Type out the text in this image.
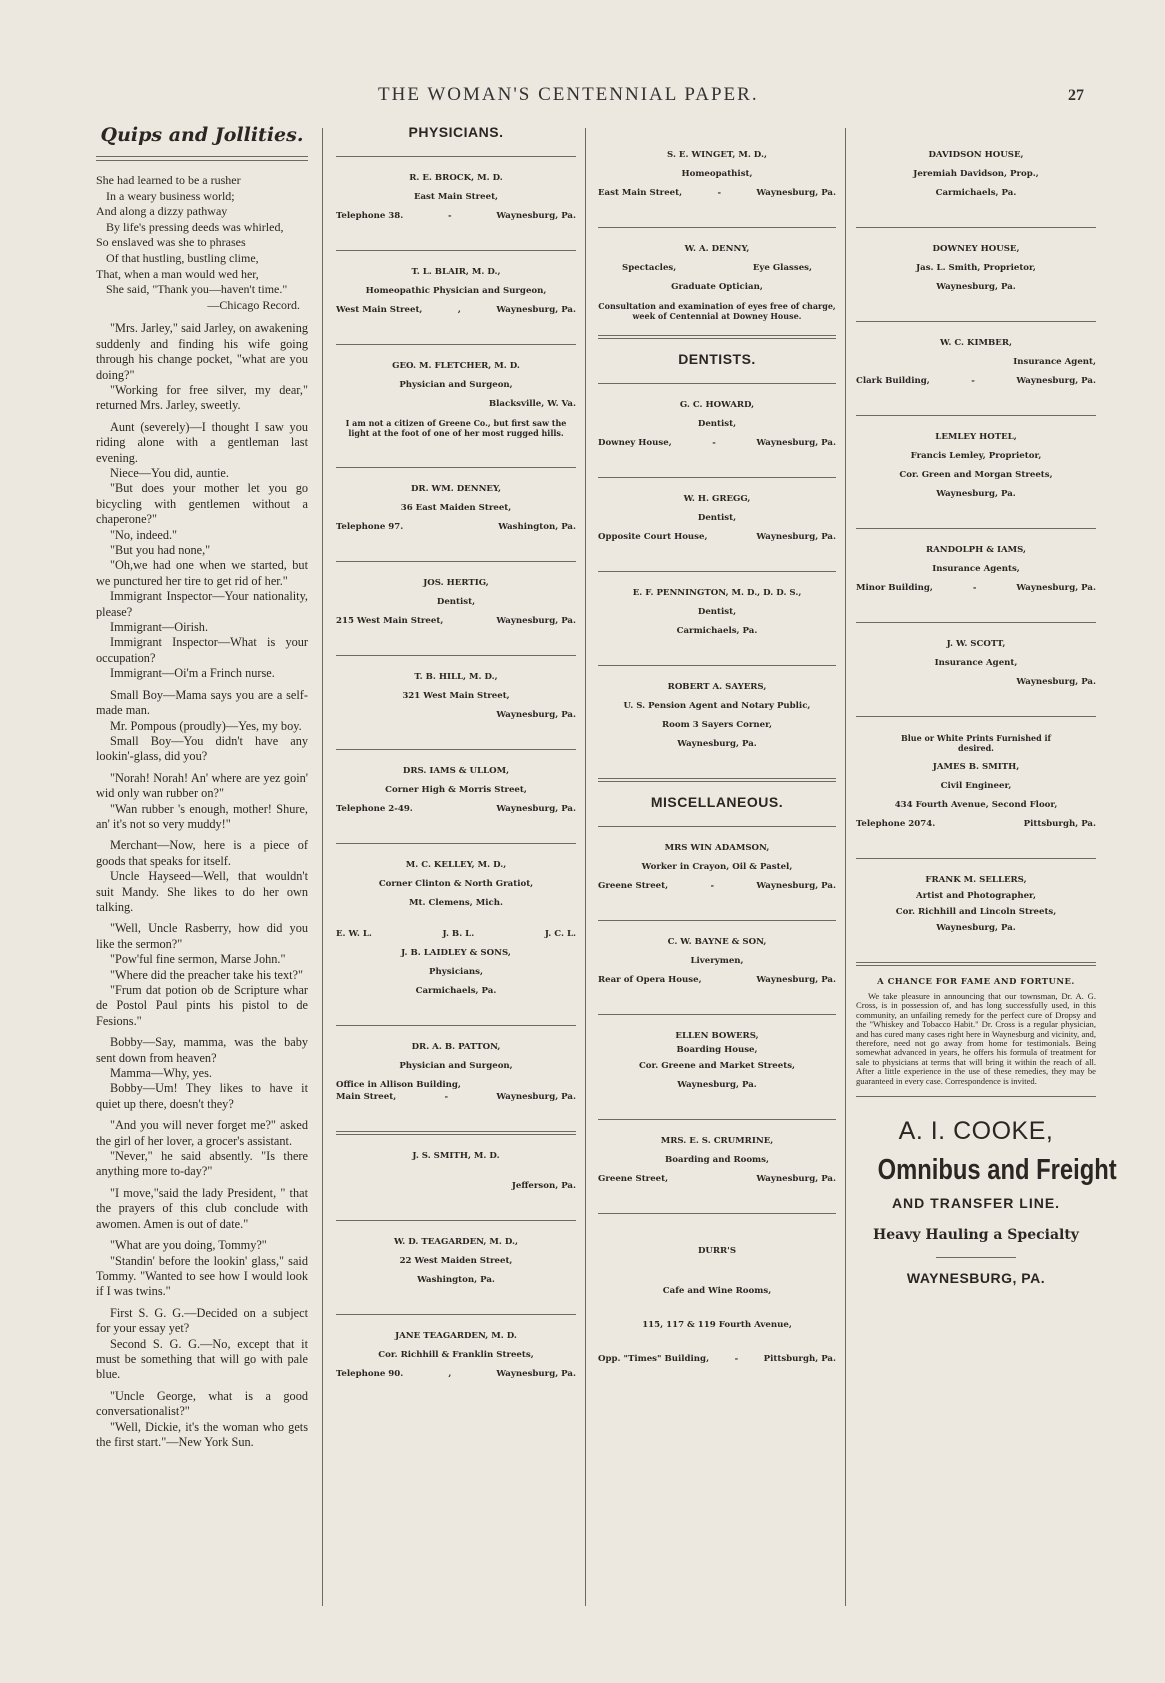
THE WOMAN'S CENTENNIAL PAPER.	27
Quips and Jollities.
She had learned to be a rusher
In a weary business world;
And along a dizzy pathway
By life's pressing deeds was whirled,
So enslaved was she to phrases
Of that hustling, bustling clime,
That, when a man would wed her,
She said, "Thank you—haven't time."
—Chicago Record.
"Mrs. Jarley," said Jarley, on awakening suddenly and finding his wife going through his change pocket, "what are you doing?"
"Working for free silver, my dear," returned Mrs. Jarley, sweetly.
Aunt (severely)—I thought I saw you riding alone with a gentleman last evening.
Niece—You did, auntie.
"But does your mother let you go bicycling with gentlemen without a chaperone?"
"No, indeed."
"But you had none,"
"Oh,we had one when we started, but we punctured her tire to get rid of her."
Immigrant Inspector—Your nationality, please?
Immigrant—Oirish.
Immigrant Inspector—What is your occupation?
Immigrant—Oi'm a Frinch nurse.
Small Boy—Mama says you are a self-made man.
Mr. Pompous (proudly)—Yes, my boy.
Small Boy—You didn't have any lookin'-glass, did you?
"Norah! Norah! An' where are yez goin' wid only wan rubber on?"
"Wan rubber 's enough, mother! Shure, an' it's not so very muddy!"
Merchant—Now, here is a piece of goods that speaks for itself.
Uncle Hayseed—Well, that wouldn't suit Mandy. She likes to do her own talking.
"Well, Uncle Rasberry, how did you like the sermon?"
"Pow'ful fine sermon, Marse John."
"Where did the preacher take his text?"
"Frum dat potion ob de Scripture whar de Postol Paul pints his pistol to de Fesions."
Bobby—Say, mamma, was the baby sent down from heaven?
Mamma—Why, yes.
Bobby—Um! They likes to have it quiet up there, doesn't they?
"And you will never forget me?" asked the girl of her lover, a grocer's assistant.
"Never," he said absently. "Is there anything more to-day?"
"I move,"said the lady President, " that the prayers of this club conclude with awomen. Amen is out of date."
"What are you doing, Tommy?"
"Standin' before the lookin' glass," said Tommy. "Wanted to see how I would look if I was twins."
First S. G. G.—Decided on a subject for your essay yet?
Second S. G. G.—No, except that it must be something that will go with pale blue.
"Uncle George, what is a good conversationalist?"
"Well, Dickie, it's the woman who gets the first start."—New York Sun.
PHYSICIANS.
R. E. BROCK, M. D.
East Main Street,
Telephone 38.	-	Waynesburg, Pa.
T. L. BLAIR, M. D.,
Homeopathic Physician and Surgeon,
West Main Street,	,	Waynesburg, Pa.
GEO. M. FLETCHER, M. D.
Physician and Surgeon,
Blacksville, W. Va.
I am not a citizen of Greene Co., but first saw the light at the foot of one of her most rugged hills.
DR. WM. DENNEY,
36 East Maiden Street,
Telephone 97.	Washington, Pa.
JOS. HERTIG,
Dentist,
215 West Main Street,	Waynesburg, Pa.
T. B. HILL, M. D.,
321 West Main Street,
Waynesburg, Pa.
DRS. IAMS & ULLOM,
Corner High & Morris Street,
Telephone 2-49.	Waynesburg, Pa.
M. C. KELLEY, M. D.,
Corner Clinton & North Gratiot,
Mt. Clemens, Mich.
E. W. L.	J. B. L.	J. C. L.
J. B. LAIDLEY & SONS,
Physicians,
Carmichaels, Pa.
DR. A. B. PATTON,
Physician and Surgeon,
Office in Allison Building,
Main Street,	-	Waynesburg, Pa.
J. S. SMITH, M. D.
Jefferson, Pa.
W. D. TEAGARDEN, M. D.,
22 West Maiden Street,
Washington, Pa.
JANE TEAGARDEN, M. D.
Cor. Richhill & Franklin Streets,
Telephone 90.	,	Waynesburg, Pa.
S. E. WINGET, M. D.,
Homeopathist,
East Main Street,	-	Waynesburg, Pa.
W. A. DENNY,
Spectacles,	Eye Glasses,
Graduate Optician,
Consultation and examination of eyes free of charge, week of Centennial at Downey House.
DENTISTS.
G. C. HOWARD,
Dentist,
Downey House,	-	Waynesburg, Pa.
W. H. GREGG,
Dentist,
Opposite Court House,	Waynesburg, Pa.
E. F. PENNINGTON, M. D., D. D. S.,
Dentist,
Carmichaels, Pa.
ROBERT A. SAYERS,
U. S. Pension Agent and Notary Public,
Room 3 Sayers Corner,
Waynesburg, Pa.
MISCELLANEOUS.
MRS WIN ADAMSON,
Worker in Crayon, Oil & Pastel,
Greene Street,	-	Waynesburg, Pa.
C. W. BAYNE & SON,
Liverymen,
Rear of Opera House,	Waynesburg, Pa.
ELLEN BOWERS,
Boarding House,
Cor. Greene and Market Streets,
Waynesburg, Pa.
MRS. E. S. CRUMRINE,
Boarding and Rooms,
Greene Street,	Waynesburg, Pa.
DURR'S
Cafe and Wine Rooms,
115, 117 & 119 Fourth Avenue,
Opp. "Times" Building,	-	Pittsburgh, Pa.
DAVIDSON HOUSE,
Jeremiah Davidson, Prop.,
Carmichaels, Pa.
DOWNEY HOUSE,
Jas. L. Smith, Proprietor,
Waynesburg, Pa.
W. C. KIMBER,
Insurance Agent,
Clark Building,	-	Waynesburg, Pa.
LEMLEY HOTEL,
Francis Lemley, Proprietor,
Cor. Green and Morgan Streets,
Waynesburg, Pa.
RANDOLPH & IAMS,
Insurance Agents,
Minor Building,	-	Waynesburg, Pa.
J. W. SCOTT,
Insurance Agent,
Waynesburg, Pa.
Blue or White Prints Furnished if desired.
JAMES B. SMITH,
Civil Engineer,
434 Fourth Avenue, Second Floor,
Telephone 2074.	Pittsburgh, Pa.
FRANK M. SELLERS,
Artist and Photographer,
Cor. Richhill and Lincoln Streets,
Waynesburg, Pa.
A CHANCE FOR FAME AND FORTUNE.
We take pleasure in announcing that our townsman, Dr. A. G. Cross, is in possession of, and has long successfully used, in this community, an unfailing remedy for the perfect cure of Dropsy and the "Whiskey and Tobacco Habit." Dr. Cross is a regular physician, and has cured many cases right here in Waynesburg and vicinity, and, therefore, need not go away from home for testimonials. Being somewhat advanced in years, he offers his formula of treatment for sale to physicians at terms that will bring it within the reach of all. After a little experience in the use of these remedies, they may be guaranteed in every case. Correspondence is invited.
A. I. COOKE,
Omnibus and Freight
AND TRANSFER LINE.
Heavy Hauling a Specialty
WAYNESBURG, PA.
